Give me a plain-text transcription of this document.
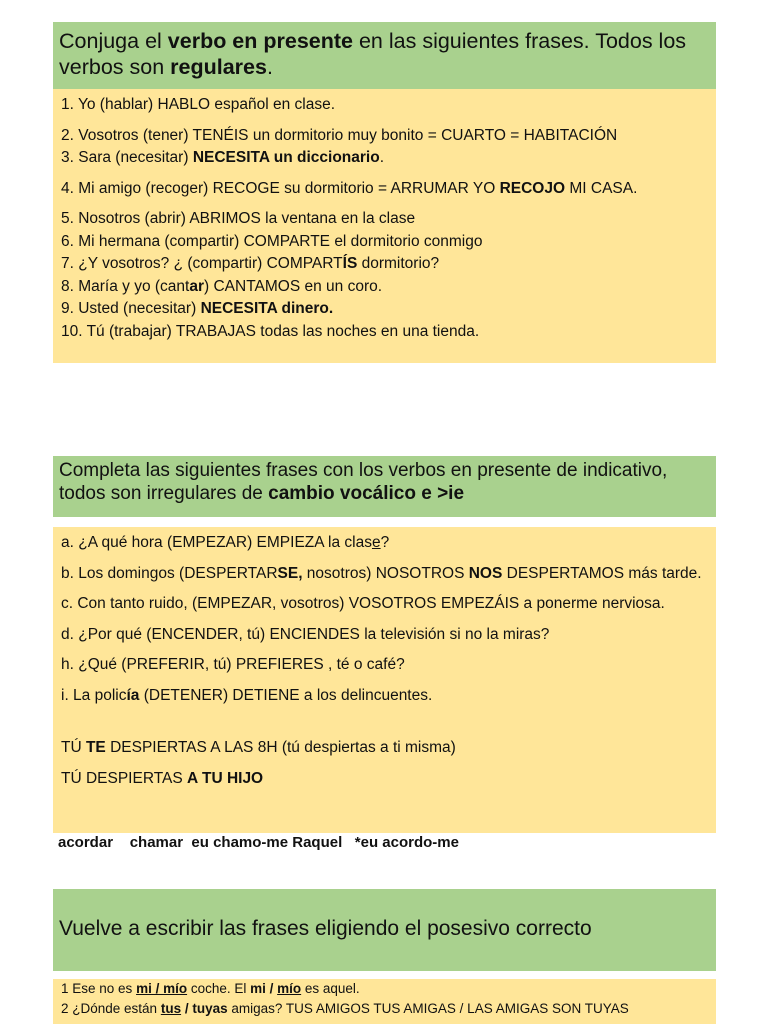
Conjuga el verbo en presente en las siguientes frases. Todos los verbos son regulares.
1. Yo (hablar) HABLO español en clase.
2. Vosotros (tener) TENÉIS un dormitorio muy bonito = CUARTO = HABITACIÓN
3. Sara (necesitar) NECESITA un diccionario.
4. Mi amigo (recoger) RECOGE su dormitorio = ARRUMAR YO RECOJO MI CASA.
5. Nosotros (abrir) ABRIMOS la ventana en la clase
6. Mi hermana (compartir) COMPARTE el dormitorio conmigo
7. ¿Y vosotros? ¿ (compartir) COMPARTÍS dormitorio?
8. María y yo (cantar) CANTAMOS en un coro.
9. Usted (necesitar) NECESITA dinero.
10. Tú (trabajar) TRABAJAS todas las noches en una tienda.
Completa las siguientes frases con los verbos en presente de indicativo, todos son irregulares de cambio vocálico e >ie
a. ¿A qué hora (EMPEZAR) EMPIEZA la clase?
b. Los domingos (DESPERTARSE, nosotros) NOSOTROS NOS DESPERTAMOS más tarde.
c. Con tanto ruido, (EMPEZAR, vosotros) VOSOTROS EMPEZÁIS a ponerme nerviosa.
d. ¿Por qué (ENCENDER, tú) ENCIENDES la televisión si no la miras?
h. ¿Qué (PREFERIR, tú) PREFIERES , té o café?
i. La policía (DETENER) DETIENE a los delincuentes.
TÚ TE DESPIERTAS A LAS 8H (tú despiertas a ti misma)
TÚ DESPIERTAS A TU HIJO
acordar    chamar  eu chamo-me Raquel   *eu acordo-me
Vuelve a escribir las frases eligiendo el posesivo correcto
1 Ese no es mi / mío coche. El mi / mío es aquel.
2 ¿Dónde están tus / tuyas amigas? TUS AMIGOS TUS AMIGAS / LAS AMIGAS SON TUYAS
